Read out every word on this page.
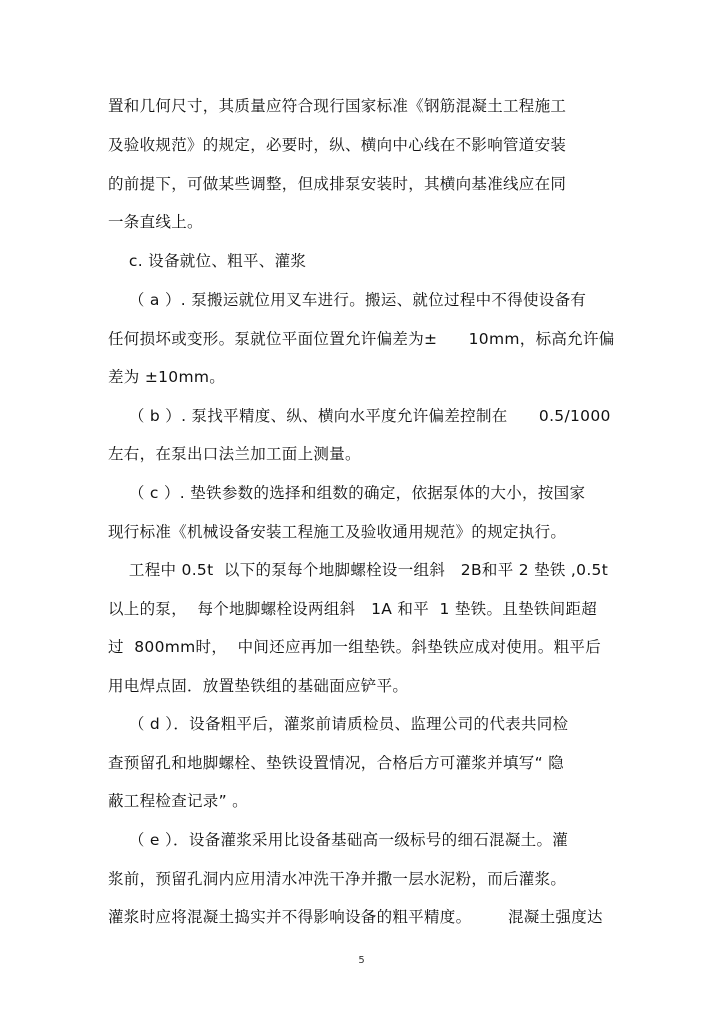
置和几何尺寸，其质量应符合现行国家标准《钢筋混凝土工程施工
及验收规范》的规定，必要时，纵、横向中心线在不影响管道安装
的前提下，可做某些调整，但成排泵安装时，其横向基准线应在同
一条直线上。
c. 设备就位、粗平、灌浆
（ a ）. 泵搬运就位用叉车进行。搬运、就位过程中不得使设备有
任何损坏或变形。泵就位平面位置允许偏差为±      10mm，标高允许偏
差为 ±10mm。
（ b ）. 泵找平精度、纵、横向水平度允许偏差控制在      0.5/1000
左右，在泵出口法兰加工面上测量。
（ c ）. 垫铁参数的选择和组数的确定，依据泵体的大小，按国家
现行标准《机械设备安装工程施工及验收通用规范》的规定执行。
工程中 0.5t  以下的泵每个地脚螺栓设一组斜   2B和平 2 垫铁 ,0.5t
以上的泵，  每个地脚螺栓设两组斜   1A 和平  1 垫铁。且垫铁间距超
过  800mm时，  中间还应再加一组垫铁。斜垫铁应成对使用。粗平后
用电焊点固．放置垫铁组的基础面应铲平。
（ d ）．设备粗平后，灌浆前请质检员、监理公司的代表共同检
查预留孔和地脚螺栓、垫铁设置情况，合格后方可灌浆并填写“ 隐
蔽工程检查记录” 。
（ e ）．设备灌浆采用比设备基础高一级标号的细石混凝土。灌
浆前，预留孔洞内应用清水冲洗干净并撒一层水泥粉，而后灌浆。
灌浆时应将混凝土捣实并不得影响设备的粗平精度。       混凝土强度达
5
